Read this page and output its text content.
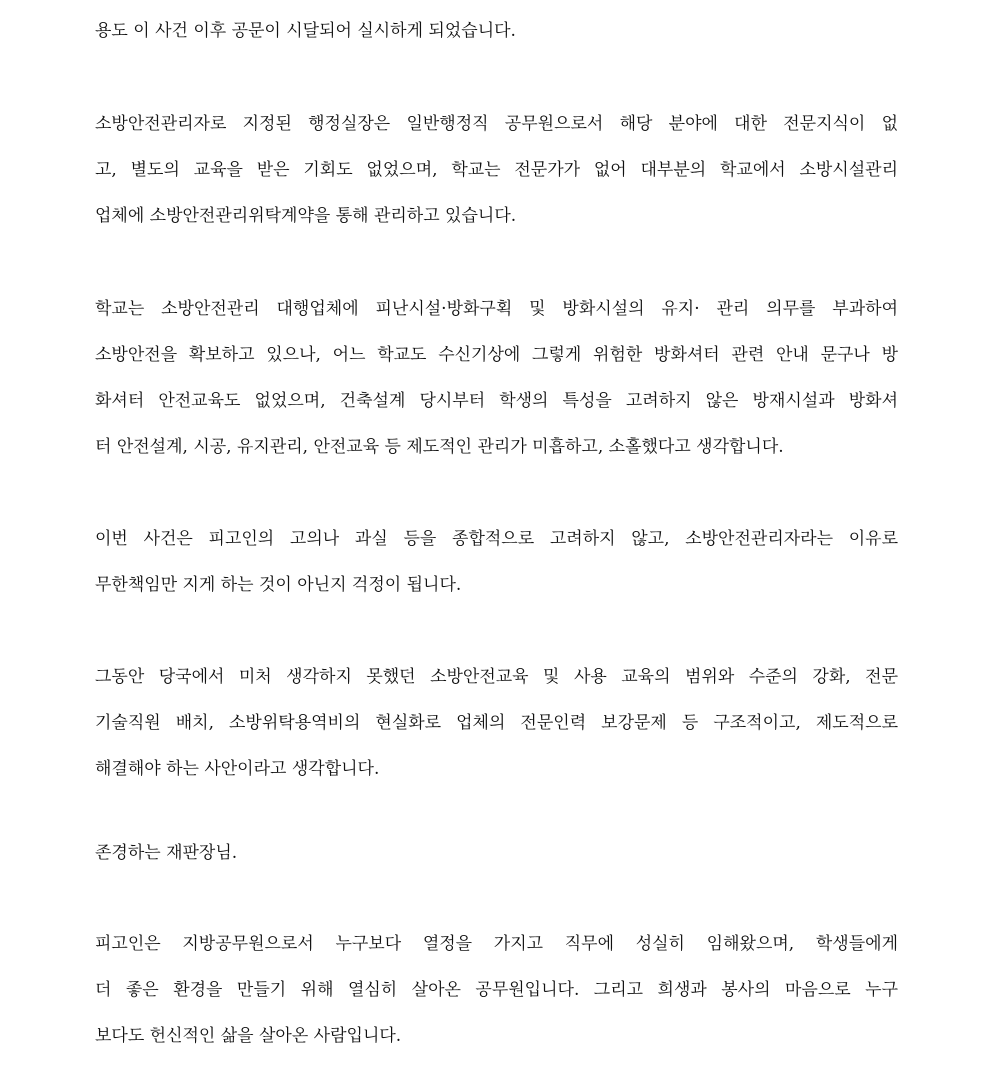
용도 이 사건 이후 공문이 시달되어 실시하게 되었습니다.
소방안전관리자로 지정된 행정실장은 일반행정직 공무원으로서 해당 분야에 대한 전문지식이 없
고, 별도의 교육을 받은 기회도 없었으며, 학교는 전문가가 없어 대부분의 학교에서 소방시설관리
업체에 소방안전관리위탁계약을 통해 관리하고 있습니다.
학교는 소방안전관리 대행업체에 피난시설·방화구획 및 방화시설의 유지· 관리 의무를 부과하여
소방안전을 확보하고 있으나, 어느 학교도 수신기상에 그렇게 위험한 방화셔터 관련 안내 문구나 방
화셔터 안전교육도 없었으며, 건축설계 당시부터 학생의 특성을 고려하지 않은 방재시설과 방화셔
터 안전설계, 시공, 유지관리, 안전교육 등 제도적인 관리가 미흡하고, 소홀했다고 생각합니다.
이번 사건은 피고인의 고의나 과실 등을 종합적으로 고려하지 않고, 소방안전관리자라는 이유로
무한책임만 지게 하는 것이 아닌지 걱정이 됩니다.
그동안 당국에서 미처 생각하지 못했던 소방안전교육 및 사용 교육의 범위와 수준의 강화, 전문
기술직원 배치, 소방위탁용역비의 현실화로 업체의 전문인력 보강문제 등 구조적이고, 제도적으로
해결해야 하는 사안이라고 생각합니다.
존경하는 재판장님.
피고인은 지방공무원으로서 누구보다 열정을 가지고 직무에 성실히 임해왔으며, 학생들에게
더 좋은 환경을 만들기 위해 열심히 살아온 공무원입니다. 그리고 희생과 봉사의 마음으로 누구
보다도 헌신적인 삶을 살아온 사람입니다.
